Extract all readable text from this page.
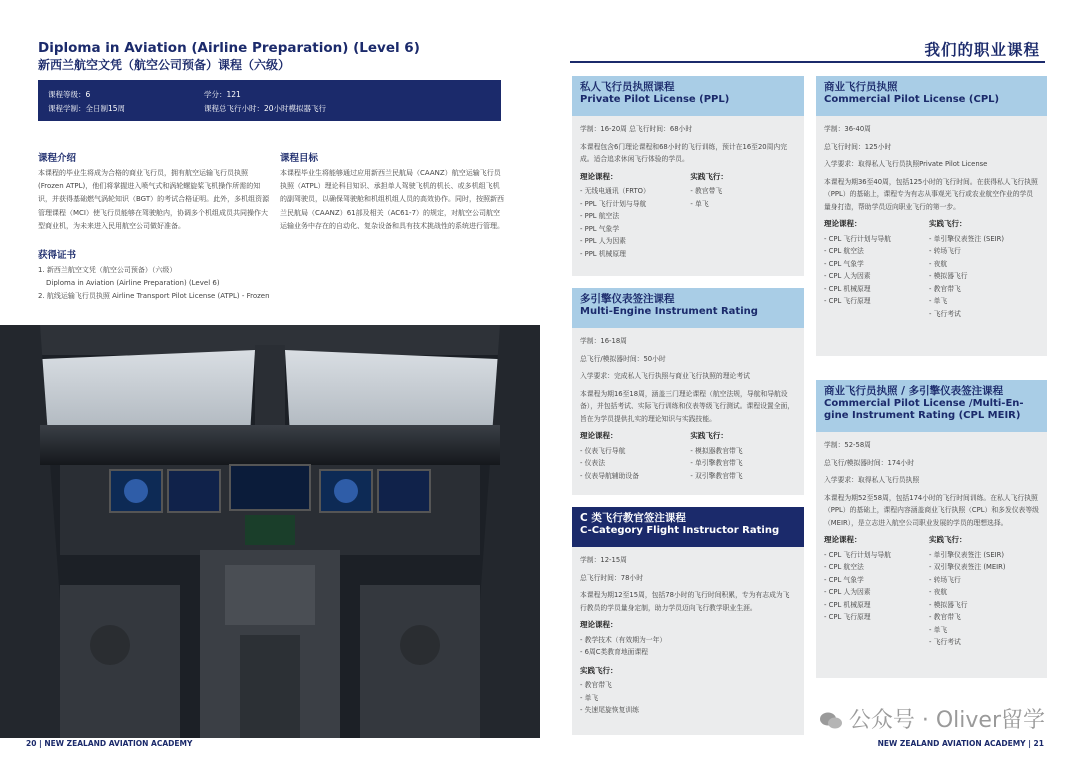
Diploma in Aviation (Airline Preparation) (Level 6)
新西兰航空文凭（航空公司预备）课程（六级）
课程等级：6
课程学制：全日制15周
学分：121
课程总飞行小时：20小时模拟器飞行
课程介绍
本课程的毕业生将成为合格的商业飞行员，拥有航空运输飞行员执照(Frozen ATPL)，他们将掌握进入喷气式和涡轮螺旋桨飞机操作所需的知识，并获得基础燃气涡轮知识（BGT）的考试合格证明。此外，多机组资源管理课程（MCI）使飞行员能够在驾驶舱内，协调多个机组成员共同操作大型商业机，为未来进入民用航空公司做好准备。
课程目标
本课程毕业生将能够通过应用新西兰民航局（CAANZ）航空运输飞行员执照（ATPL）理论科目知识、承担单人驾驶飞机的机长、或多机组飞机的副驾驶员，以确保驾驶舱和机组机组人员的高效协作。同时，按照新西兰民航局（CAANZ）61部及相关（AC61-7）的规定，对航空公司航空运输业务中存在的自动化、复杂设备和具有技术挑战性的系统进行管理。
获得证书
1. 新西兰航空文凭（航空公司预备）（六级）
Diploma in Aviation (Airline Preparation) (Level 6)
2. 航线运输飞行员执照 Airline Transport Pilot License (ATPL) - Frozen
20 | NEW ZEALAND AVIATION ACADEMY
我们的职业课程
私人飞行员执照课程
Private Pilot License (PPL)

学制：16-20周 总飞行时间：68小时

本课程包含6门理论课程和68小时的飞行训练，预计在16至20周内完成。适合追求休闲飞行体验的学员。

理论课程：
- 无线电通讯（FRTO）
- PPL 飞行计划与导航
- PPL 航空法
- PPL 气象学
- PPL 人为因素
- PPL 机械原理
实践飞行：
- 教官带飞
- 单飞
多引擎仪表签注课程
Multi-Engine Instrument Rating

学制：16-18周

总飞行/模拟器时间：50小时

入学要求：完成私人飞行执照与商业飞行执照的理论考试

本课程为期16至18周，涵盖三门理论课程（航空法规，导航和导航设备），并包括考试、实际飞行训练和仪表等级飞行测试。课程设置全面，旨在为学员提供扎实的理论知识与实践技能。

理论课程：
- 仪表飞行导航
- 仪表法
- 仪表导航辅助设备
实践飞行：
- 模拟器教官带飞
- 单引擎教官带飞
- 双引擎教官带飞
C 类飞行教官签注课程
C-Category Flight Instructor Rating

学制：12-15周

总飞行时间：78小时

本课程为期12至15周，包括78小时的飞行时间积累，专为有志成为飞行教员的学员量身定制，助力学员迈向飞行教学职业生涯。

理论课程：
- 教学技术（有效期为一年）
- 6周C类教育地面课程
实践飞行：
- 教官带飞
- 单飞
- 失速尾旋恢复训练
商业飞行员执照
Commercial Pilot License (CPL)

学制：36-40周

总飞行时间：125小时

入学要求：取得私人飞行员执照Private Pilot License

本课程为期36至40周，包括125小时的飞行时间。在获得私人飞行执照（PPL）的基础上，课程专为有志从事观光飞行或农业航空作业的学员量身打造，帮助学员迈向职业飞行的第一步。

理论课程：
- CPL 飞行计划与导航
- CPL 航空法
- CPL 气象学
- CPL 人为因素
- CPL 机械原理
- CPL 飞行原理
实践飞行：
- 单引擎仪表签注 (SEIR)
- 转场飞行
- 夜航
- 模拟器飞行
- 教官带飞
- 单飞
- 飞行考试
商业飞行员执照 / 多引擎仪表签注课程
Commercial Pilot License /Multi-En-
gine Instrument Rating (CPL MEIR)

学制：52-58周

总飞行/模拟器时间：174小时

入学要求：取得私人飞行员执照

本课程为期52至58周，包括174小时的飞行时间训练。在私人飞行执照（PPL）的基础上，课程内容涵盖商业飞行执照（CPL）和多发仪表等级（MEIR），是立志进入航空公司职业发展的学员的理想选择。

理论课程：
- CPL 飞行计划与导航
- CPL 航空法
- CPL 气象学
- CPL 人为因素
- CPL 机械原理
- CPL 飞行原理
实践飞行：
- 单引擎仪表签注 (SEIR)
- 双引擎仪表签注 (MEIR)
- 转场飞行
- 夜航
- 模拟器飞行
- 教官带飞
- 单飞
- 飞行考试
公众号 · Oliver留学
NEW ZEALAND AVIATION ACADEMY | 21
